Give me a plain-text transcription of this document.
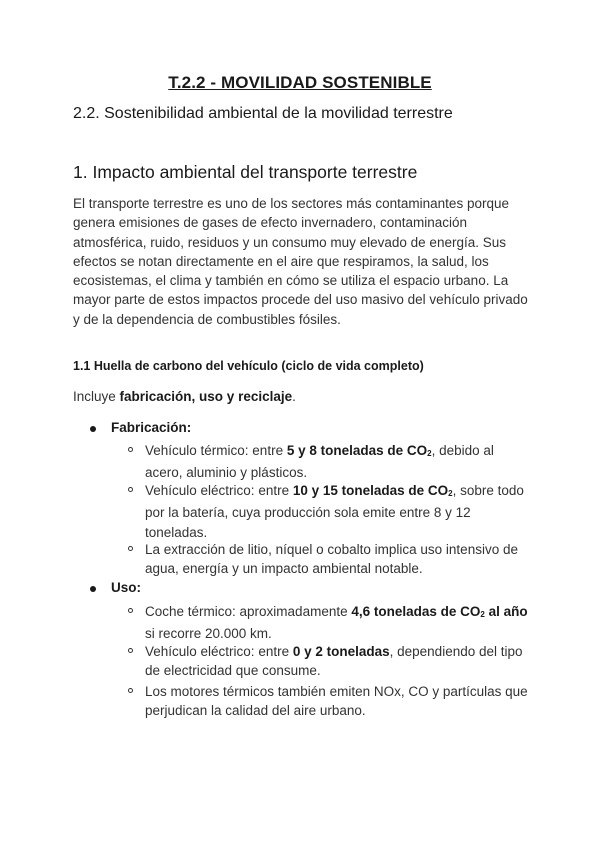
T.2.2 - MOVILIDAD SOSTENIBLE
2.2. Sostenibilidad ambiental de la movilidad terrestre
1. Impacto ambiental del transporte terrestre
El transporte terrestre es uno de los sectores más contaminantes porque genera emisiones de gases de efecto invernadero, contaminación atmosférica, ruido, residuos y un consumo muy elevado de energía. Sus efectos se notan directamente en el aire que respiramos, la salud, los ecosistemas, el clima y también en cómo se utiliza el espacio urbano. La mayor parte de estos impactos procede del uso masivo del vehículo privado y de la dependencia de combustibles fósiles.
1.1 Huella de carbono del vehículo (ciclo de vida completo)
Incluye fabricación, uso y reciclaje.
Fabricación:
Vehículo térmico: entre 5 y 8 toneladas de CO2, debido al acero, aluminio y plásticos.
Vehículo eléctrico: entre 10 y 15 toneladas de CO2, sobre todo por la batería, cuya producción sola emite entre 8 y 12 toneladas.
La extracción de litio, níquel o cobalto implica uso intensivo de agua, energía y un impacto ambiental notable.
Uso:
Coche térmico: aproximadamente 4,6 toneladas de CO2 al año si recorre 20.000 km.
Vehículo eléctrico: entre 0 y 2 toneladas, dependiendo del tipo de electricidad que consume.
Los motores térmicos también emiten NOx, CO y partículas que perjudican la calidad del aire urbano.
